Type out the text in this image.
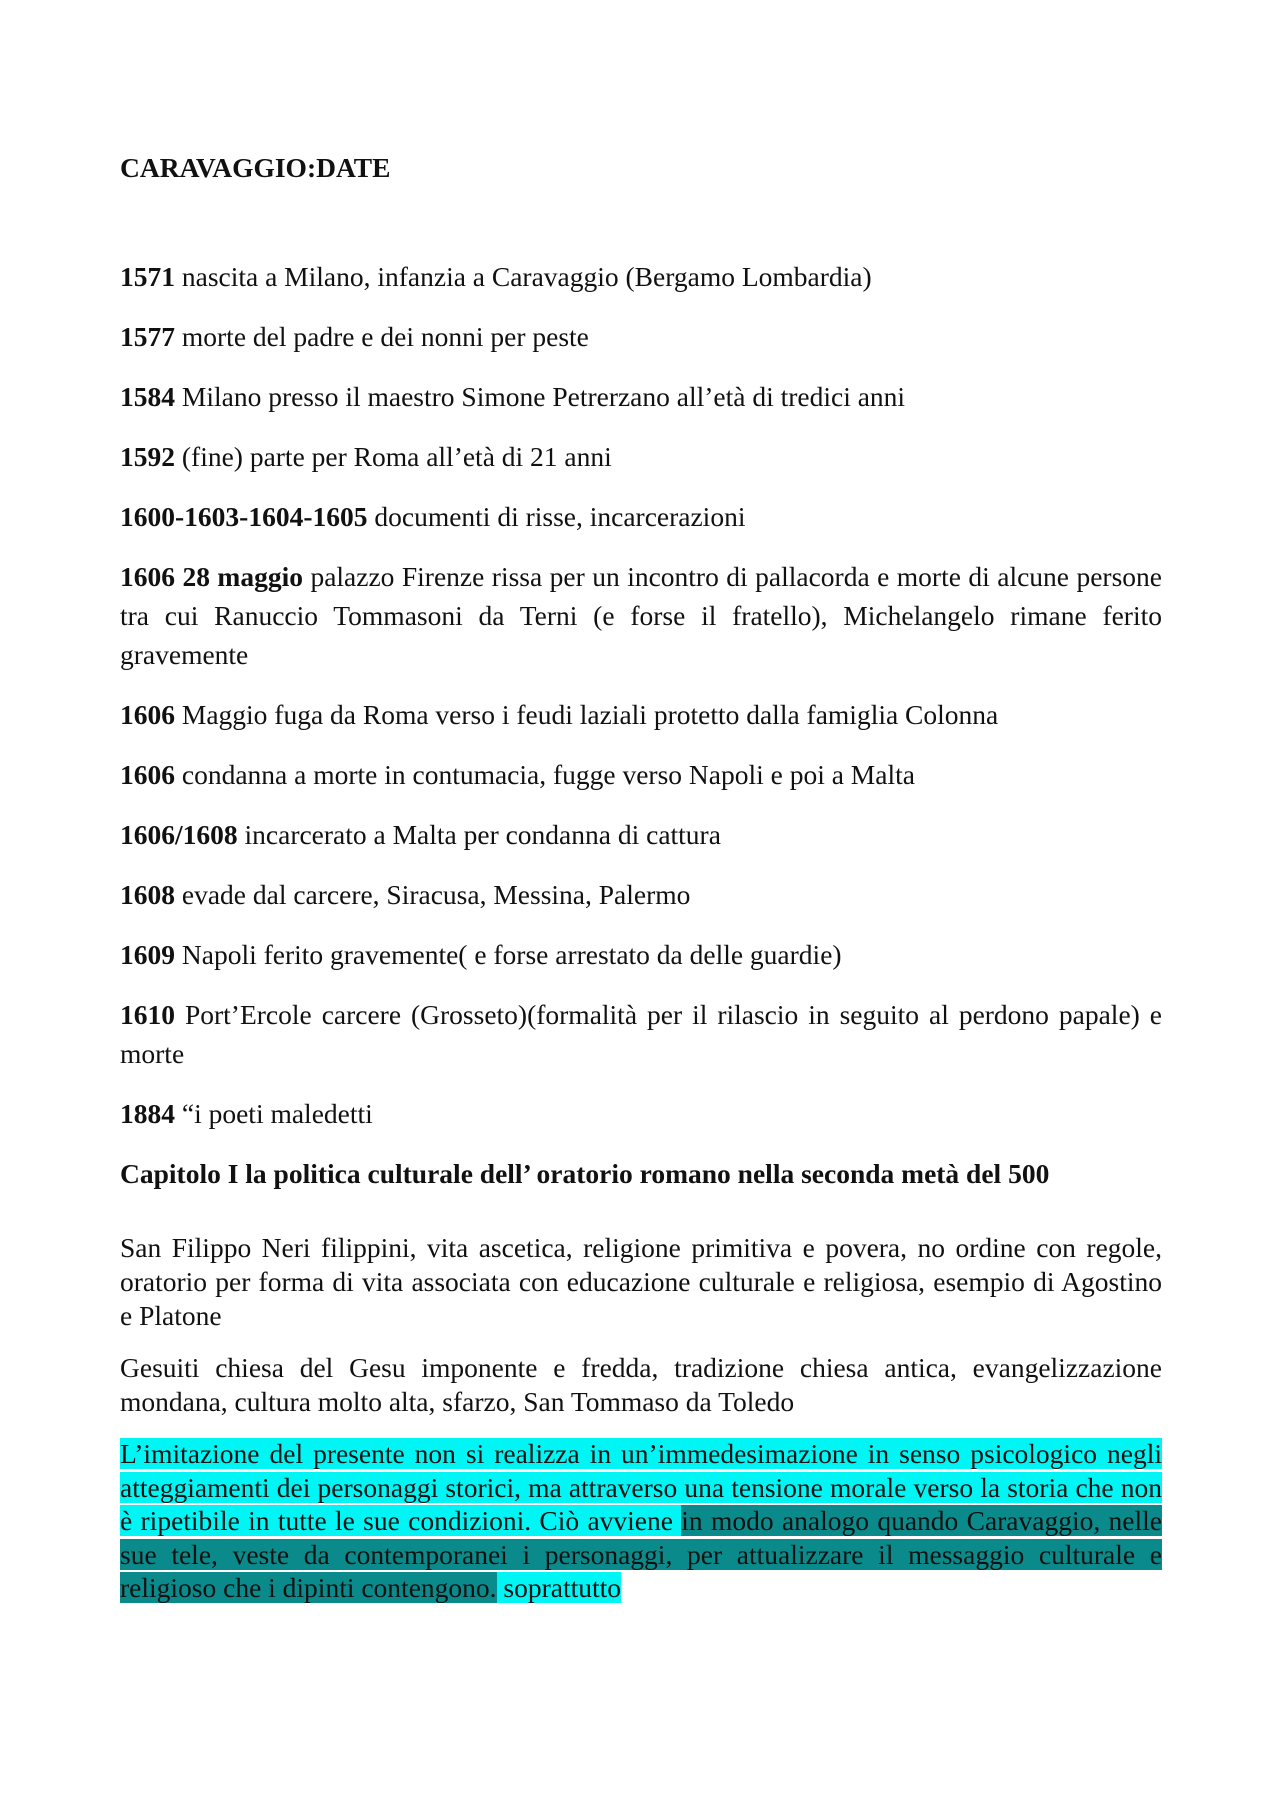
CARAVAGGIO:DATE

1571 nascita a Milano, infanzia a Caravaggio (Bergamo Lombardia)

1577 morte del padre e dei nonni per peste

1584 Milano presso il maestro Simone Petrerzano all’età di tredici anni

1592 (fine) parte per Roma all’età di 21 anni

1600-1603-1604-1605 documenti di risse, incarcerazioni

1606 28 maggio palazzo Firenze rissa per un incontro di pallacorda e morte di alcune persone tra cui Ranuccio Tommasoni da Terni (e forse il fratello), Michelangelo rimane ferito gravemente

1606 Maggio fuga da Roma verso i feudi laziali protetto dalla famiglia Colonna

1606 condanna a morte in contumacia, fugge verso Napoli e poi a Malta

1606/1608 incarcerato a Malta per condanna di cattura

1608 evade dal carcere, Siracusa, Messina, Palermo

1609 Napoli ferito gravemente( e forse arrestato da delle guardie)

1610 Port’Ercole carcere (Grosseto)(formalità per il rilascio in seguito al perdono papale) e morte

1884 “i poeti maledetti

Capitolo I la politica culturale dell’ oratorio romano nella seconda metà del 500

San Filippo Neri filippini, vita ascetica, religione primitiva e povera, no ordine con regole, oratorio per forma di vita associata con educazione culturale e religiosa, esempio di Agostino e Platone

Gesuiti chiesa del Gesu imponente e fredda, tradizione chiesa antica, evangelizzazione mondana, cultura molto alta, sfarzo, San Tommaso da Toledo

L’imitazione del presente non si realizza in un’immedesimazione in senso psicologico negli atteggiamenti dei personaggi storici, ma attraverso una tensione morale verso la storia che non è ripetibile in tutte le sue condizioni. Ciò avviene in modo analogo quando Caravaggio, nelle sue tele, veste da contemporanei i personaggi, per attualizzare il messaggio culturale e religioso che i dipinti contengono. soprattutto
